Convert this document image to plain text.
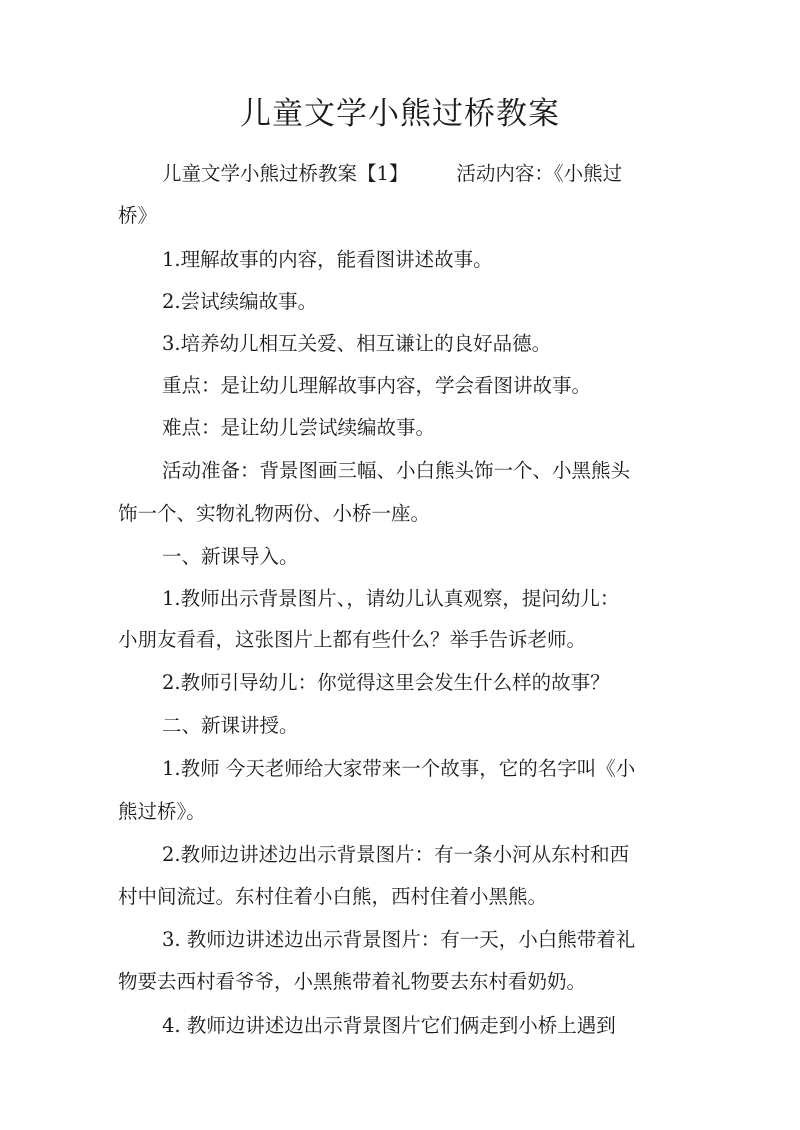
儿童文学小熊过桥教案
儿童文学小熊过桥教案【1】 活动内容：《小熊过
桥》
1.理解故事的内容，能看图讲述故事。
2.尝试续编故事。
3.培养幼儿相互关爱、相互谦让的良好品德。
重点：是让幼儿理解故事内容，学会看图讲故事。
难点：是让幼儿尝试续编故事。
活动准备：背景图画三幅、小白熊头饰一个、小黑熊头
饰一个、实物礼物两份、小桥一座。
一、新课导入。
1.教师出示背景图片、，请幼儿认真观察，提问幼儿：
小朋友看看，这张图片上都有些什么？举手告诉老师。
2.教师引导幼儿：你觉得这里会发生什么样的故事？
二、新课讲授。
1.教师 今天老师给大家带来一个故事，它的名字叫《小
熊过桥》。
2.教师边讲述边出示背景图片：有一条小河从东村和西
村中间流过。东村住着小白熊，西村住着小黑熊。
3. 教师边讲述边出示背景图片：有一天，小白熊带着礼
物要去西村看爷爷，小黑熊带着礼物要去东村看奶奶。
4. 教师边讲述边出示背景图片它们俩走到小桥上遇到
